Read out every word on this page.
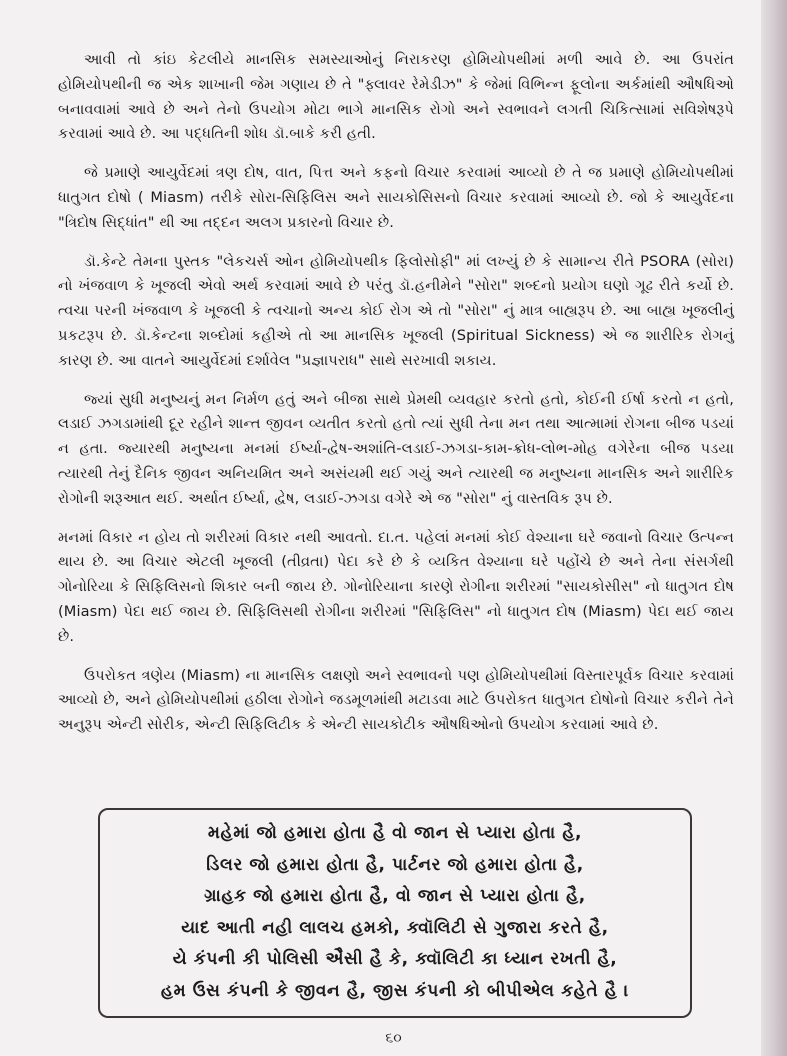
આવી તો કાંઇ કેટલીયે માનસિક સમસ્યાઓનું નિરાકરણ હોમિયોપથીમાં મળી આવે છે. આ ઉપરાંત હોમિયોપથીની જ એક શાખાની જેમ ગણાય છે તે "ફ્લાવર રેમેડીઝ" કે જેમાં વિભિન્ન ફૂલોના અર્કમાંથી ઔષધિઓ બનાવવામાં આવે છે અને તેનો ઉપયોગ મોટા ભાગે માનસિક રોગો અને સ્વભાવને લગતી ચિકિત્સામાં સવિશેષરૂપે કરવામાં આવે છે. આ પદ્ધતિની શોધ ડૉ.બાકે કરી હતી.

જે પ્રમાણે આયુર્વેદમાં ત્રણ દોષ, વાત, પિત્ત અને કફનો વિચાર કરવામાં આવ્યો છે તે જ પ્રમાણે હોમિયોપથીમાં ધાતુગત દોષો ( Miasm) તરીકે સોરા-સિફિલિસ અને સાયકોસિસનો વિચાર કરવામાં આવ્યો છે. જો કે આયુર્વેદના "ત્રિદોષ સિદ્ધાંત" થી આ તદ્દન અલગ પ્રકારનો વિચાર છે.

ડૉ.કેન્ટે તેમના પુસ્તક "લેકચર્સ ઓન હોમિયોપથીક ફિલોસોફી" માં લખ્યું છે કે સામાન્ય રીતે PSORA (સોરા) નો ખંજવાળ કે ખૂજલી એવો અર્થ કરવામાં આવે છે પરંતુ ડૉ.હનીમેને "સોરા" શબ્દનો પ્રયોગ ઘણો ગૂઢ રીતે કર્યો છે. ત્વચા પરની ખંજવાળ કે ખૂજલી કે ત્વચાનો અન્ય કોઈ રોગ એ તો "સોરા" નું માત્ર બાહ્યરૂપ છે. આ બાહ્ય ખૂજલીનું પ્રકટરૂપ છે. ડૉ.કેન્ટના શબ્દોમાં કહીએ તો આ માનસિક ખૂજલી (Spiritual Sickness) એ જ શારીરિક રોગનું કારણ છે. આ વાતને આયુર્વેદમાં દર્શાવેલ "પ્રજ્ઞાપરાધ" સાથે સરખાવી શકાય.

જ્યાં સુધી મનુષ્યનું મન નિર્મળ હતું અને બીજા સાથે પ્રેમથી વ્યવહાર કરતો હતો, કોઈની ઈર્ષા કરતો ન હતો, લડાઈ ઝગડામાંથી દૂર રહીને શાન્ત જીવન વ્યતીત કરતો હતો ત્યાં સુધી તેના મન તથા આત્મામાં રોગના બીજ પડયાં ન હતા. જ્યારથી મનુષ્યના મનમાં ઈર્ષ્યા-દ્વેષ-અશાંતિ-લડાઈ-ઝગડા-કામ-ક્રોધ-લોભ-મોહ વગેરેના બીજ પડયા ત્યારથી તેનું દૈનિક જીવન અનિયમિત અને અસંયમી થઈ ગયું અને ત્યારથી જ મનુષ્યના માનસિક અને શારીરિક રોગોની શરૂઆત થઈ. અર્થાત ઈર્ષ્યા, દ્વેષ, લડાઈ-ઝગડા વગેરે એ જ "સોરા" નું વાસ્તવિક રૂપ છે.

મનમાં વિકાર ન હોય તો શરીરમાં વિકાર નથી આવતો. દા.ત. પહેલાં મનમાં કોઈ વેશ્યાના ઘરે જવાનો વિચાર ઉત્પન્ન થાય છે. આ વિચાર એટલી ખૂજલી (તીવ્રતા) પેદા કરે છે કે વ્યકિત વેશ્યાના ઘરે પહોંચે છે અને તેના સંસર્ગથી ગોનોરિયા કે સિફિલિસનો શિકાર બની જાય છે. ગોનોરિયાના કારણે રોગીના શરીરમાં "સાયકોસીસ" નો ધાતુગત દોષ (Miasm) પેદા થઈ જાય છે. સિફિલિસથી રોગીના શરીરમાં "સિફિલિસ" નો ધાતુગત દોષ (Miasm) પેદા થઈ જાય છે.

ઉપરોકત ત્રણેય (Miasm) ના માનસિક લક્ષણો અને સ્વભાવનો પણ હોમિયોપથીમાં વિસ્તારપૂર્વક વિચાર કરવામાં આવ્યો છે, અને હોમિયોપથીમાં હઠીલા રોગોને જડમૂળમાંથી મટાડવા માટે ઉપરોકત ધાતુગત દોષોનો વિચાર કરીને તેને અનુરૂપ એન્ટી સોરીક, એન્ટી સિફિલિટીક કે એન્ટી સાયકોટીક ઔષધિઓનો ઉપયોગ કરવામાં આવે છે.

મહેમાં જો હમારા હોતા હૈ વો જાન સે પ્યારા હોતા હૈ,
ડિલર જો હમારા હોતા હૈ, પાર્ટનર જો હમારા હોતા હૈ,
ગ્રાહક જો હમારા હોતા હૈ, વો જાન સે પ્યારા હોતા હૈ,
યાદ આતી નહી લાલચ હમકો, ક્વૉલિટી સે ગુજારા કરતે હૈ,
યે કંપની કી પોલિસી એૈસી હૈ કે, ક્વૉલિટી કા ધ્યાન રખતી હૈ,
હમ ઉસ કંપની કે જીવન હૈ, જીસ કંપની કો બીપીએલ કહેતે હૈ ।
૬૦
